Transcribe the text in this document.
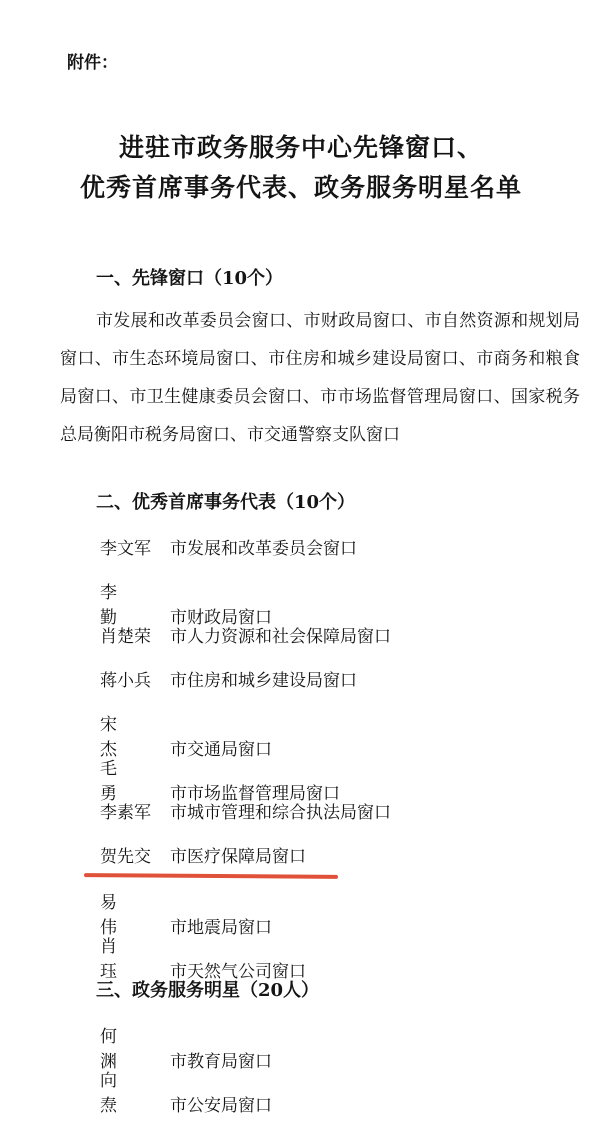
附件：
进驻市政务服务中心先锋窗口、
优秀首席事务代表、政务服务明星名单
一、先锋窗口（10个）
市发展和改革委员会窗口、市财政局窗口、市自然资源和规划局窗口、市生态环境局窗口、市住房和城乡建设局窗口、市商务和粮食局窗口、市卫生健康委员会窗口、市市场监督管理局窗口、国家税务总局衡阳市税务局窗口、市交通警察支队窗口
二、优秀首席事务代表（10个）
李文军 市发展和改革委员会窗口
李 勤 市财政局窗口
肖楚荣 市人力资源和社会保障局窗口
蒋小兵 市住房和城乡建设局窗口
宋 杰 市交通局窗口
毛 勇 市市场监督管理局窗口
李素军 市城市管理和综合执法局窗口
贺先交 市医疗保障局窗口
易 伟 市地震局窗口
肖 珏 市天然气公司窗口
三、政务服务明星（20人）
何 渊 市教育局窗口
向 焘 市公安局窗口
